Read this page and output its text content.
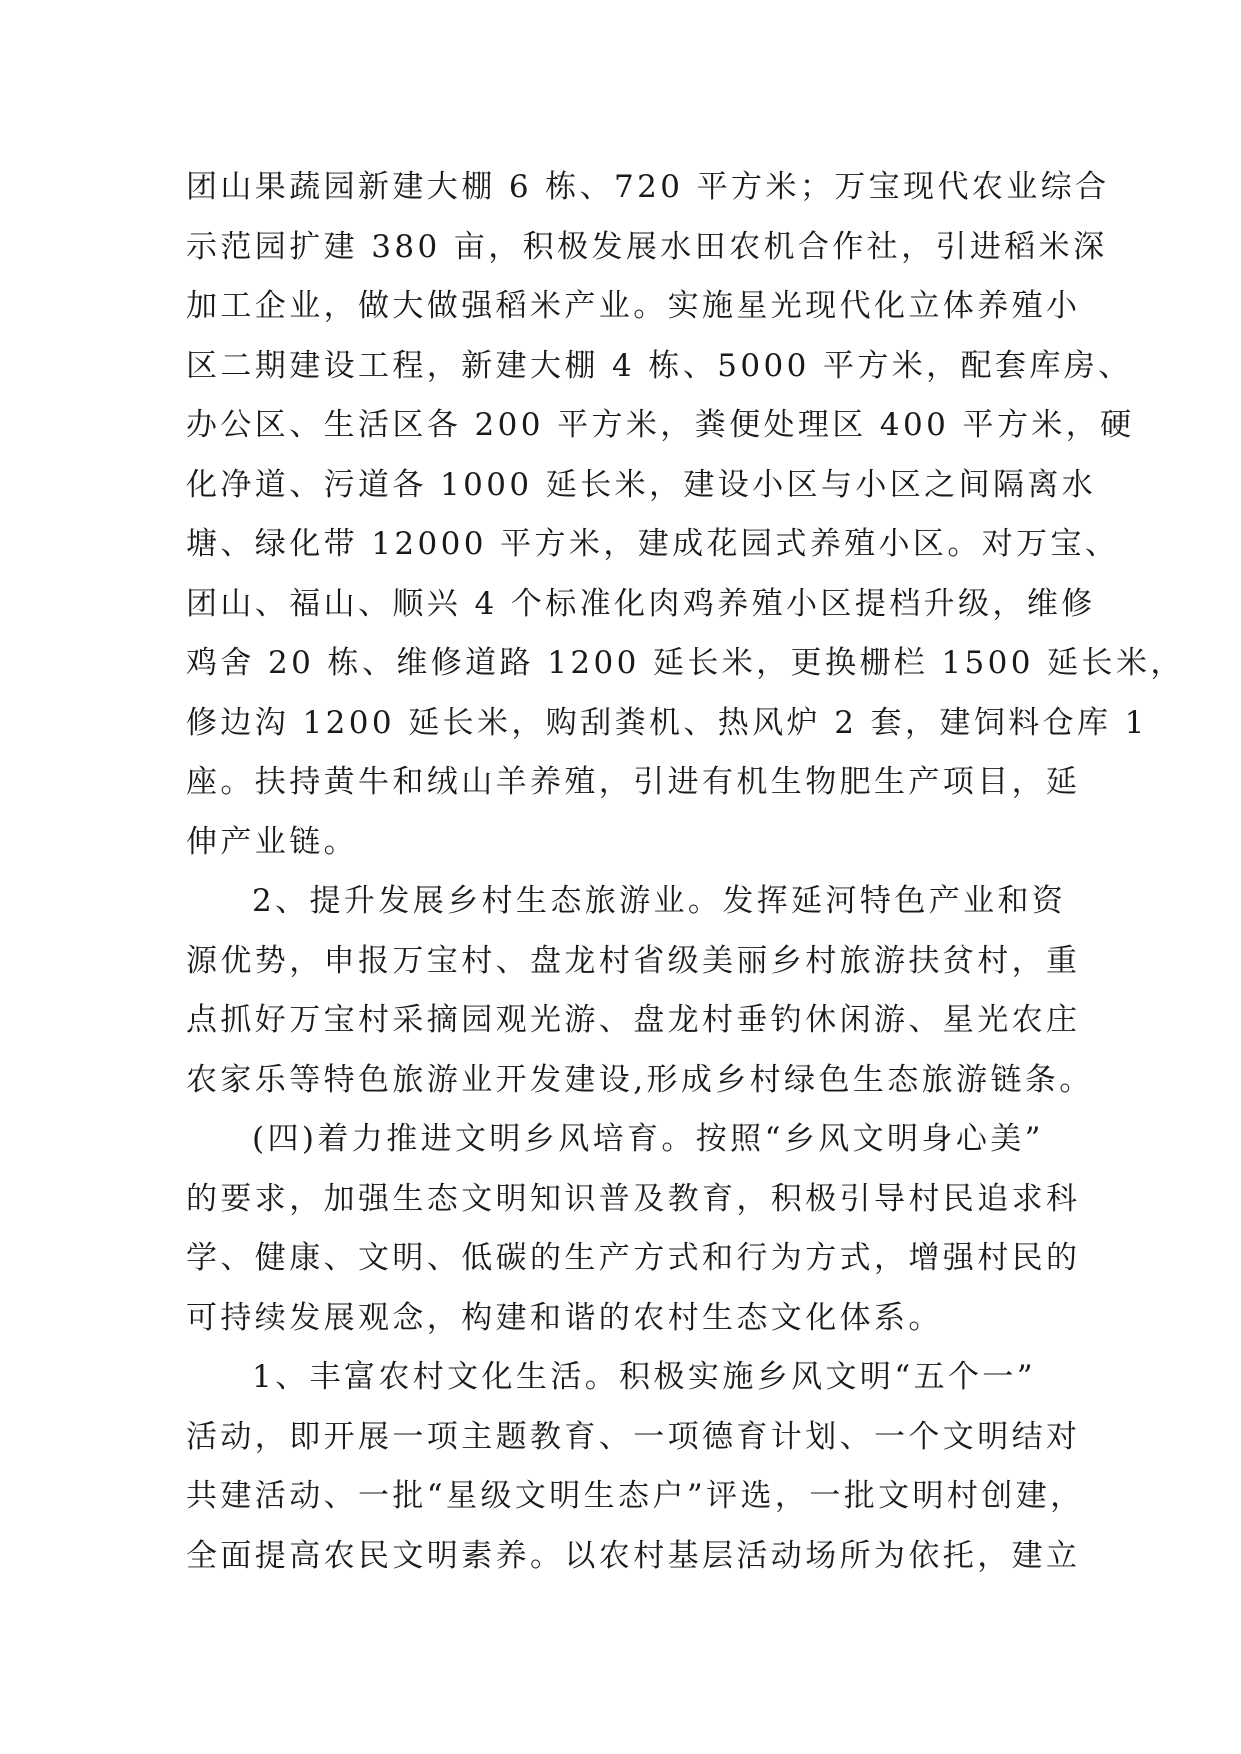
团山果蔬园新建大棚 6 栋、720 平方米；万宝现代农业综合

示范园扩建 380 亩，积极发展水田农机合作社，引进稻米深

加工企业，做大做强稻米产业。实施星光现代化立体养殖小

区二期建设工程，新建大棚 4 栋、5000 平方米，配套库房、

办公区、生活区各 200 平方米，粪便处理区 400 平方米，硬

化净道、污道各 1000 延长米，建设小区与小区之间隔离水

塘、绿化带 12000 平方米，建成花园式养殖小区。对万宝、

团山、福山、顺兴 4 个标准化肉鸡养殖小区提档升级，维修

鸡舍 20 栋、维修道路 1200 延长米，更换栅栏 1500 延长米，

修边沟 1200 延长米，购刮粪机、热风炉 2 套，建饲料仓库 1

座。扶持黄牛和绒山羊养殖，引进有机生物肥生产项目，延

伸产业链。

2、提升发展乡村生态旅游业。发挥延河特色产业和资

源优势，申报万宝村、盘龙村省级美丽乡村旅游扶贫村，重

点抓好万宝村采摘园观光游、盘龙村垂钓休闲游、星光农庄

农家乐等特色旅游业开发建设,形成乡村绿色生态旅游链条。

(四)着力推进文明乡风培育。按照“乡风文明身心美”

的要求，加强生态文明知识普及教育，积极引导村民追求科

学、健康、文明、低碳的生产方式和行为方式，增强村民的

可持续发展观念，构建和谐的农村生态文化体系。

1、丰富农村文化生活。积极实施乡风文明“五个一”

活动，即开展一项主题教育、一项德育计划、一个文明结对

共建活动、一批“星级文明生态户”评选，一批文明村创建，

全面提高农民文明素养。以农村基层活动场所为依托，建立
